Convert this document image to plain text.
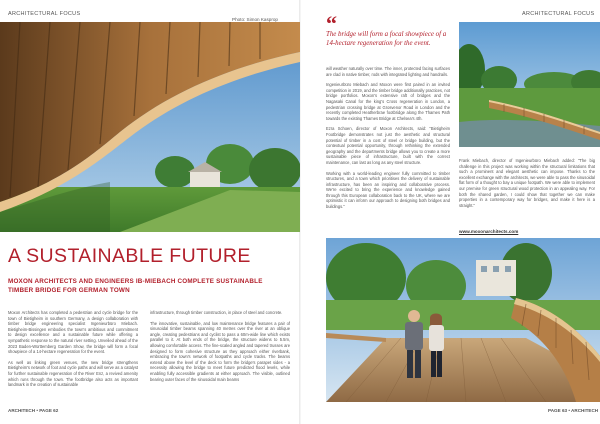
ARCHITECTURAL FOCUS
Photo: Simon Kasprop
A SUSTAINABLE FUTURE
MOXON ARCHITECTS AND ENGINEERS IB-MIEBACH COMPLETE SUSTAINABLE TIMBER BRIDGE FOR GERMAN TOWN

Moxon Architects has completed a pedestrian and cycle bridge for the town of Bietigheim in southern Germany, a design collaboration with timber bridge engineering specialist Ingenieurbüro Miebach. Bietigheim-Bissingen embodies the town's ambitious and commitment to design excellence and a sustainable future while offering a sympathetic response to the natural river setting. Unveiled ahead of the 2023 Baden-Württemberg Garden Show, the bridge will form a focal showpiece of a 14-hectare regeneration for the event.

As well as linking green venues, the new bridge strengthens Bietigheim's network of foot and cycle paths and will serve as a catalyst for further sustainable regeneration of the River Enz, a revived amenity which runs through the town. The footbridge also acts as important landmark in the creation of sustainable

infrastructure, through timber construction, in place of steel and concrete.

The innovative, sustainable, and low maintenance bridge features a pair of sinusoidal timber beams spanning 40 metres over the river at an oblique angle, creating pedestrians and cyclist to pass a 60m-wide line which exists parallel to it. At both ends of the bridge, the structure widens to 5.5m, allowing comfortable access. The fine-scaled angled and tapered trusses are designed to form cohesive structure as they approach either riverbank, embracing the town's network of footpaths and cycle tracks. The beams extend above the level of the deck to form the bridge's parapet sides - a necessity allowing the bridge to meet future predicted flood levels, while enabling fully accessible gradients at either approach. The visible, outlined bearing outer faces of the sinusoidal main beams

ARCHITECH • PAGE 62
ARCHITECTURAL FOCUS
“
The bridge will form a focal showpiece of a 14-hectare regeneration for the event.

will weather naturally over time. The inner, protected facing surfaces are clad in native timber, rods with integrated lighting and handrails.

Ingenieurbüro Miebach and Moxon were first paired in an invited competition in 2019, and the timber bridge additionally practices, not bridge portfolios. Moxon's extensive raft of bridges and the Nagasaki Canal for the king's Cross regeneration in London, a pedestrian crossing bridge at Grosvenor Road in London and the recently completed Heatherbrae footbridge along the Thames Path towards the existing Thames Bridge at Chelsea's 4th.

Ezra Schoen, director of Moxon Architects, said: "Bietigheim Footbridge demonstrates not just the aesthetic and structural potential of timber in a cost of steel or bridge building, but the contextual potential opportunity, through rethinking the extended geography and the departments bridge allows you to create a more sustainable piece of infrastructure, built with the correct maintenance, can last as long as any steel structure.

Working with a world-leading engineer fully committed to timber structures, and a town which prioritises the delivery of sustainable infrastructure, has been an inspiring and collaborative process. We're excited to bring the experience and knowledge gained through this European collaboration back to the UK, where we are optimistic it can inform our approach to designing both bridges and buildings."

Frank Miebach, director of Ingenieurbüro Miebach added: "The big challenge in this project was working within the structural limitations that such a prominent and elegant aesthetic can impose. Thanks to the excellent exchange with the architects, we were able to pass the sinusoidal flat form of a thought to bay a unique footpath. We were able to implement our premise for green structural wood protection in an appealing way. For both the shared garden, I could show that together we can make properties in a contemporary way for bridges, and make it here is a straight."

www.moxonarchitects.com
PAGE 63 • ARCHITECH
